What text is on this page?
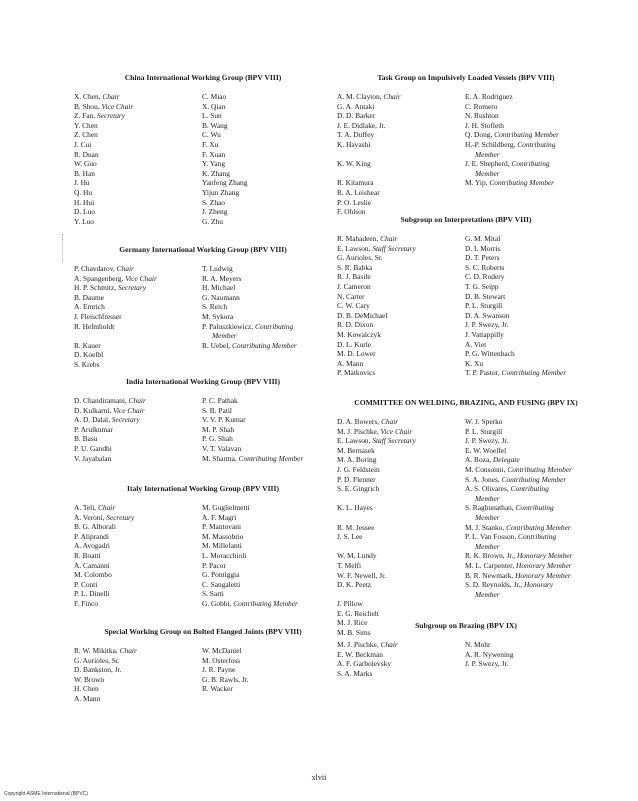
China International Working Group (BPV VIII)
X. Chen, Chair	C. Miao
B. Shou, Vice Chair	X. Qian
Z. Fan, Secretary	L. Sun
Y. Chen	B. Wang
Z. Chen	C. Wu
J. Cui	F. Xu
R. Duan	F. Xuan
W. Guo	Y. Yang
B. Han	K. Zhang
J. Hu	Yanfeng Zhang
Q. Hu	Yijun Zhang
H. Hui	S. Zhao
D. Luo	J. Zheng
Y. Luo	G. Zhu
Germany International Working Group (BPV VIII)
P. Chavdarov, Chair	T. Ludwig
A. Spangenberg, Vice Chair	R. A. Meyers
H. P. Schmitz, Secretary	H. Michael
B. Daume	G. Naumann
A. Emrich	S. Reich
J. Fleischfresser	M. Sykora
R. Helmholdt	P. Paluszkiewicz, Contributing
Member
R. Kauer	R. Uebel, Contributing Member
D. Koelbl

S. Krebs

India International Working Group (BPV VIII)
D. Chandiramani, Chair	P. C. Pathak
D. Kulkarni, Vice Chair	S. B. Patil
A. D. Dalal, Secretary	V. V. P. Kumar
P. Arulkumar	M. P. Shah
B. Basu	P. G. Shah
P. U. Gandhi	V. T. Valavan
V. Jayabalan	M. Sharma, Contributing Member
Italy International Working Group (BPV VIII)
A. Teli, Chair	M. Guglielmetti
A. Veroni, Secretary	A. F. Magri
B. G. Alborali	P. Mantovani
P. Aliprandi	M. Massobrio
A. Avogadri	M. Millefanti
R. Boatti	L. Moracchioli
A. Camanni	P. Pacor
M. Colombo	G. Pontiggia
P. Conti	C. Sangaletti
P. L. Dinelli	S. Sarti
F. Finco	G. Gobbi, Contributing Member
Special Working Group on Bolted Flanged Joints (BPV VIII)
R. W. Mikitka, Chair	W. McDaniel
G. Aurioles, Sr.	M. Osterfoss
D. Bankston, Jr.	J. R. Payne
W. Brown	G. B. Rawls, Jr.
H. Chen	R. Wacker
A. Mann

Task Group on Impulsively Loaded Vessels (BPV VIII)
A. M. Clayton, Chair	E. A. Rodriguez
G. A. Antaki	C. Romero
D. D. Barker	N. Rushton
J. E. Didlake, Jr.	J. H. Stofleth
T. A. Duffey	Q. Dong, Contributing Member
K. Hayashi	H.-P. Schildberg, Contributing
Member
K. W. King	J. E. Shepherd, Contributing
Member
R. Kitamura	M. Yip, Contributing Member
R. A. Leishear

P. O. Leslie

F. Ohlson

Subgroup on Interpretations (BPV VIII)
R. Mahadeen, Chair	G. M. Mital
E. Lawson, Staff Secretary	D. I. Morris
G. Aurioles, Sr.	D. T. Peters
S. R. Babka	S. C. Roberts
R. J. Basile	C. D. Rodery
J. Cameron	T. G. Seipp
N. Carter	D. B. Stewart
C. W. Cary	P. L. Sturgill
D. B. DeMichael	D. A. Swanson
R. D. Dixon	J. P. Swezy, Jr.
M. Kowalczyk	J. Vattappilly
D. L. Kurle	A. Viet
M. D. Lower	P. G. Wittenbach
A. Mann	K. Xu
P. Matkovics	T. P. Pastor, Contributing Member
COMMITTEE ON WELDING, BRAZING, AND FUSING (BPV IX)
D. A. Bowers, Chair	W. J. Sperko
M. J. Pischke, Vice Chair	P. L. Sturgill
E. Lawson, Staff Secretary	J. P. Swezy, Jr.
M. Bernasek	E. W. Woelfel
M. A. Boring	A. Roza, Delegate
J. G. Feldstein	M. Consonni, Contributing Member
P. D. Flenner	S. A. Jones, Contributing Member
S. E. Gingrich	A. S. Olivares, Contributing
Member
K. L. Hayes	S. Raghunathan, Contributing
Member
R. M. Jessee	M. J. Stanko, Contributing Member
J. S. Lee	P. L. Van Fosson, Contributing
Member
W. M. Lundy	R. K. Brown, Jr., Honorary Member
T. Melfi	M. L. Carpenter, Honorary Member
W. F. Newell, Jr.	B. R. Newmark, Honorary Member
D. K. Peetz	S. D. Reynolds, Jr., Honorary
Member
J. Pillow

E. G. Reichelt

M. J. Rice

M. B. Sims

Subgroup on Brazing (BPV IX)
M. J. Pischke, Chair	N. Mohr
E. W. Beckman	A. R. Nywening
A. F. Garbolevsky	J. P. Swezy, Jr.
S. A. Marks

xlvii
Copyright ASME International (BPVC)
